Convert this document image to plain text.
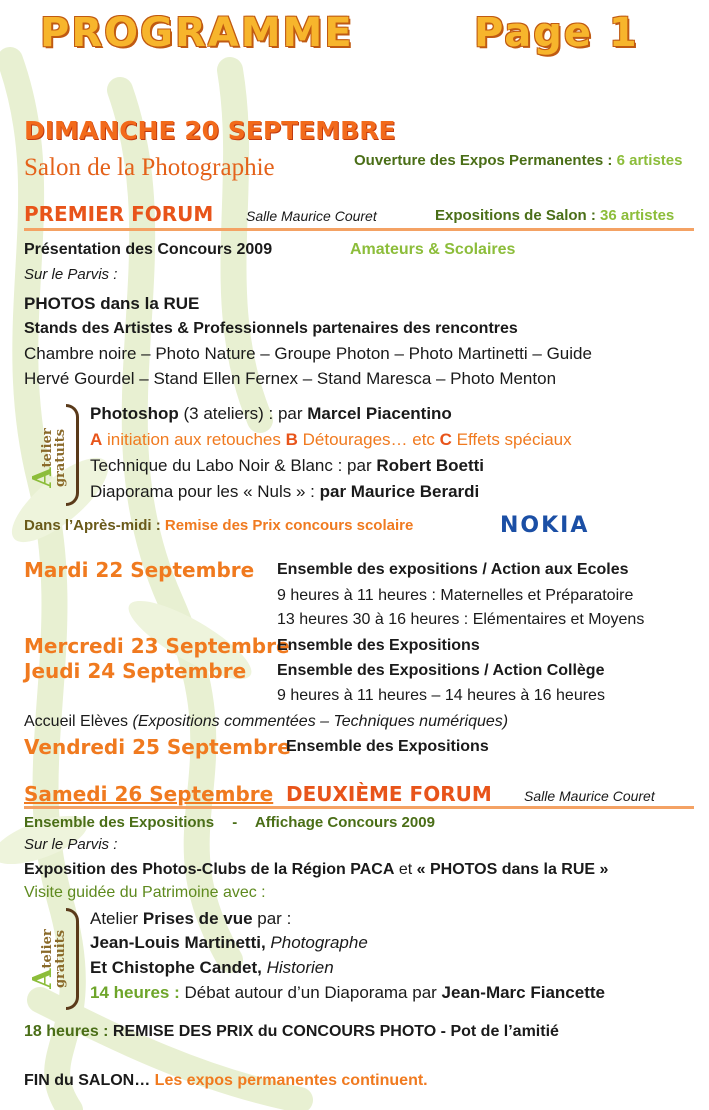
PROGRAMME	Page 1
DIMANCHE 20 SEPTEMBRE
Salon de la Photographie	Ouverture des Expos Permanentes : 6 artistes
PREMIER FORUM Salle Maurice Couret	Expositions de Salon : 36 artistes
Présentation des Concours 2009	Amateurs & Scolaires
Sur le Parvis :
PHOTOS dans la RUE
Stands des Artistes & Professionnels partenaires des rencontres
Chambre noire – Photo Nature – Groupe Photon – Photo Martinetti – Guide
Hervé Gourdel – Stand Ellen Fernex – Stand Maresca – Photo Menton
Atelier
gratuits
Photoshop (3 ateliers) : par Marcel Piacentino
A initiation aux retouches B Détourages… etc C Effets spéciaux
Technique du Labo Noir & Blanc : par Robert Boetti
Diaporama pour les « Nuls » : par Maurice Berardi
Dans l’Après-midi : Remise des Prix concours scolaire	NOKIA
Mardi 22 Septembre Ensemble des expositions / Action aux Ecoles
9 heures à 11 heures : Maternelles et Préparatoire
13 heures 30 à 16 heures : Elémentaires et Moyens
Mercredi 23 Septembre
Ensemble des Expositions
Jeudi 24 Septembre Ensemble des Expositions / Action Collège
9 heures à 11 heures – 14 heures à 16 heures
Accueil Elèves (Expositions commentées – Techniques numériques)
Vendredi 25 Septembre
Ensemble des Expositions
Samedi 26 Septembre DEUXIÈME FORUM Salle Maurice Couret
Ensemble des Expositions - Affichage Concours 2009
Sur le Parvis :
Exposition des Photos-Clubs de la Région PACA et « PHOTOS dans la RUE »
Visite guidée du Patrimoine avec :
Atelier
gratuits
Atelier Prises de vue par :
Jean-Louis Martinetti, Photographe
Et Chistophe Candet, Historien
14 heures : Débat autour d’un Diaporama par Jean-Marc Fiancette
18 heures : REMISE DES PRIX du CONCOURS PHOTO - Pot de l’amitié
FIN du SALON… Les expos permanentes continuent.
